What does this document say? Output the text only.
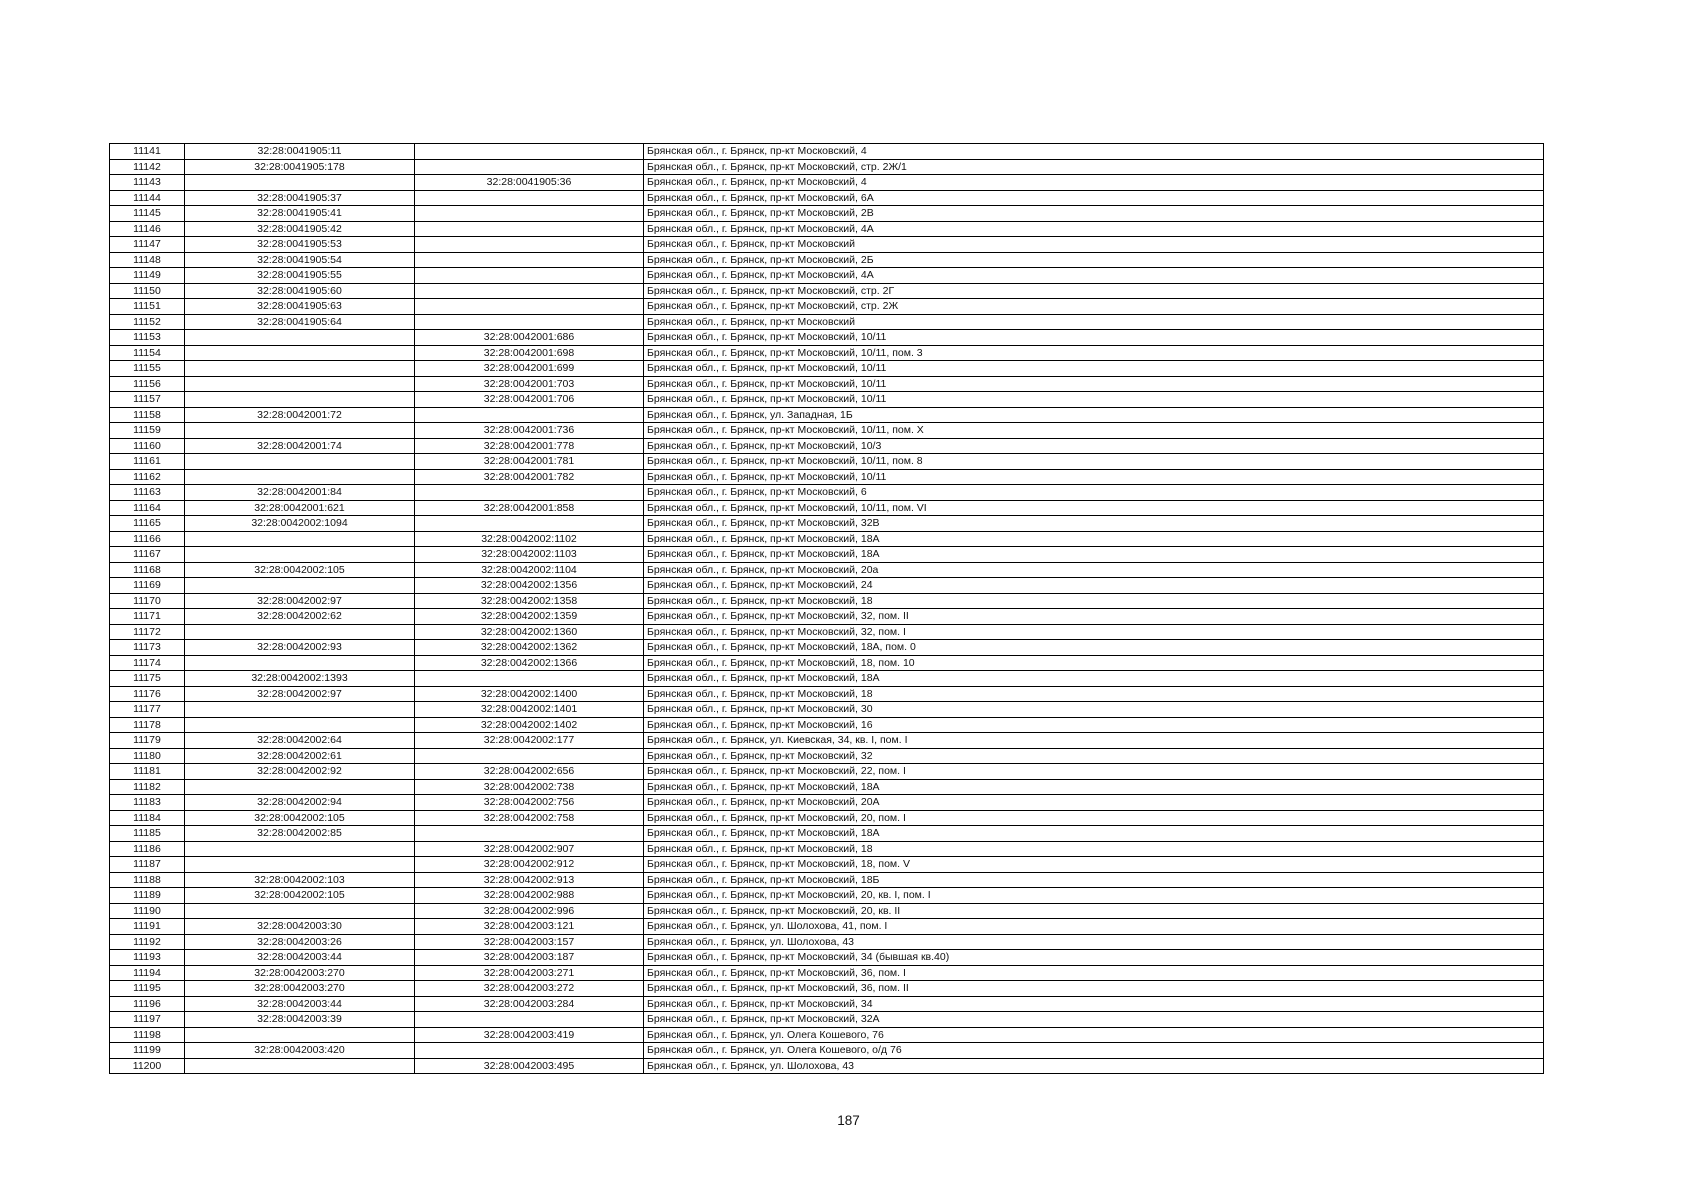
11141	32:28:0041905:11		Брянская обл., г. Брянск, пр-кт Московский, 4
11142	32:28:0041905:178		Брянская обл., г. Брянск, пр-кт Московский, стр. 2Ж/1
11143		32:28:0041905:36	Брянская обл., г. Брянск, пр-кт Московский, 4
11144	32:28:0041905:37		Брянская обл., г. Брянск, пр-кт Московский, 6А
11145	32:28:0041905:41		Брянская обл., г. Брянск, пр-кт Московский, 2В
11146	32:28:0041905:42		Брянская обл., г. Брянск, пр-кт Московский, 4А
11147	32:28:0041905:53		Брянская обл., г. Брянск, пр-кт Московский
11148	32:28:0041905:54		Брянская обл., г. Брянск, пр-кт Московский, 2Б
11149	32:28:0041905:55		Брянская обл., г. Брянск, пр-кт Московский, 4А
11150	32:28:0041905:60		Брянская обл., г. Брянск, пр-кт Московский, стр. 2Г
11151	32:28:0041905:63		Брянская обл., г. Брянск, пр-кт Московский, стр. 2Ж
11152	32:28:0041905:64		Брянская обл., г. Брянск, пр-кт Московский
11153		32:28:0042001:686	Брянская обл., г. Брянск, пр-кт Московский, 10/11
11154		32:28:0042001:698	Брянская обл., г. Брянск, пр-кт Московский, 10/11, пом. 3
11155		32:28:0042001:699	Брянская обл., г. Брянск, пр-кт Московский, 10/11
11156		32:28:0042001:703	Брянская обл., г. Брянск, пр-кт Московский, 10/11
11157		32:28:0042001:706	Брянская обл., г. Брянск, пр-кт Московский, 10/11
11158	32:28:0042001:72		Брянская обл., г. Брянск, ул. Западная, 1Б
11159		32:28:0042001:736	Брянская обл., г. Брянск, пр-кт Московский, 10/11, пом. Х
11160	32:28:0042001:74	32:28:0042001:778	Брянская обл., г. Брянск, пр-кт Московский, 10/3
11161		32:28:0042001:781	Брянская обл., г. Брянск, пр-кт Московский, 10/11, пом. 8
11162		32:28:0042001:782	Брянская обл., г. Брянск, пр-кт Московский, 10/11
11163	32:28:0042001:84		Брянская обл., г. Брянск, пр-кт Московский, 6
11164	32:28:0042001:621	32:28:0042001:858	Брянская обл., г. Брянск, пр-кт Московский, 10/11, пом. VI
11165	32:28:0042002:1094		Брянская обл., г. Брянск, пр-кт Московский, 32В
11166		32:28:0042002:1102	Брянская обл., г. Брянск, пр-кт Московский, 18А
11167		32:28:0042002:1103	Брянская обл., г. Брянск, пр-кт Московский, 18А
11168	32:28:0042002:105	32:28:0042002:1104	Брянская обл., г. Брянск, пр-кт Московский, 20а
11169		32:28:0042002:1356	Брянская обл., г. Брянск, пр-кт Московский, 24
11170	32:28:0042002:97	32:28:0042002:1358	Брянская обл., г. Брянск, пр-кт Московский, 18
11171	32:28:0042002:62	32:28:0042002:1359	Брянская обл., г. Брянск, пр-кт Московский, 32, пом. II
11172		32:28:0042002:1360	Брянская обл., г. Брянск, пр-кт Московский, 32, пом. I
11173	32:28:0042002:93	32:28:0042002:1362	Брянская обл., г. Брянск, пр-кт Московский, 18А, пом. 0
11174		32:28:0042002:1366	Брянская обл., г. Брянск, пр-кт Московский, 18, пом. 10
11175	32:28:0042002:1393		Брянская обл., г. Брянск, пр-кт Московский, 18А
11176	32:28:0042002:97	32:28:0042002:1400	Брянская обл., г. Брянск, пр-кт Московский, 18
11177		32:28:0042002:1401	Брянская обл., г. Брянск, пр-кт Московский, 30
11178		32:28:0042002:1402	Брянская обл., г. Брянск, пр-кт Московский, 16
11179	32:28:0042002:64	32:28:0042002:177	Брянская обл., г. Брянск, ул. Киевская, 34, кв. I, пом. I
11180	32:28:0042002:61		Брянская обл., г. Брянск, пр-кт Московский, 32
11181	32:28:0042002:92	32:28:0042002:656	Брянская обл., г. Брянск, пр-кт Московский, 22, пом. I
11182		32:28:0042002:738	Брянская обл., г. Брянск, пр-кт Московский, 18А
11183	32:28:0042002:94	32:28:0042002:756	Брянская обл., г. Брянск, пр-кт Московский, 20А
11184	32:28:0042002:105	32:28:0042002:758	Брянская обл., г. Брянск, пр-кт Московский, 20, пом. I
11185	32:28:0042002:85		Брянская обл., г. Брянск, пр-кт Московский, 18А
11186		32:28:0042002:907	Брянская обл., г. Брянск, пр-кт Московский, 18
11187		32:28:0042002:912	Брянская обл., г. Брянск, пр-кт Московский, 18, пом. V
11188	32:28:0042002:103	32:28:0042002:913	Брянская обл., г. Брянск, пр-кт Московский, 18Б
11189	32:28:0042002:105	32:28:0042002:988	Брянская обл., г. Брянск, пр-кт Московский, 20, кв. I, пом. I
11190		32:28:0042002:996	Брянская обл., г. Брянск, пр-кт Московский, 20, кв. II
11191	32:28:0042003:30	32:28:0042003:121	Брянская обл., г. Брянск, ул. Шолохова, 41, пом. I
11192	32:28:0042003:26	32:28:0042003:157	Брянская обл., г. Брянск, ул. Шолохова, 43
11193	32:28:0042003:44	32:28:0042003:187	Брянская обл., г. Брянск, пр-кт Московский, 34 (бывшая кв.40)
11194	32:28:0042003:270	32:28:0042003:271	Брянская обл., г. Брянск, пр-кт Московский, 36, пом. I
11195	32:28:0042003:270	32:28:0042003:272	Брянская обл., г. Брянск, пр-кт Московский, 36, пом. II
11196	32:28:0042003:44	32:28:0042003:284	Брянская обл., г. Брянск, пр-кт Московский, 34
11197	32:28:0042003:39		Брянская обл., г. Брянск, пр-кт Московский, 32А
11198		32:28:0042003:419	Брянская обл., г. Брянск, ул. Олега Кошевого, 76
11199	32:28:0042003:420		Брянская обл., г. Брянск, ул. Олега Кошевого, о/д 76
11200		32:28:0042003:495	Брянская обл., г. Брянск, ул. Шолохова, 43
187
